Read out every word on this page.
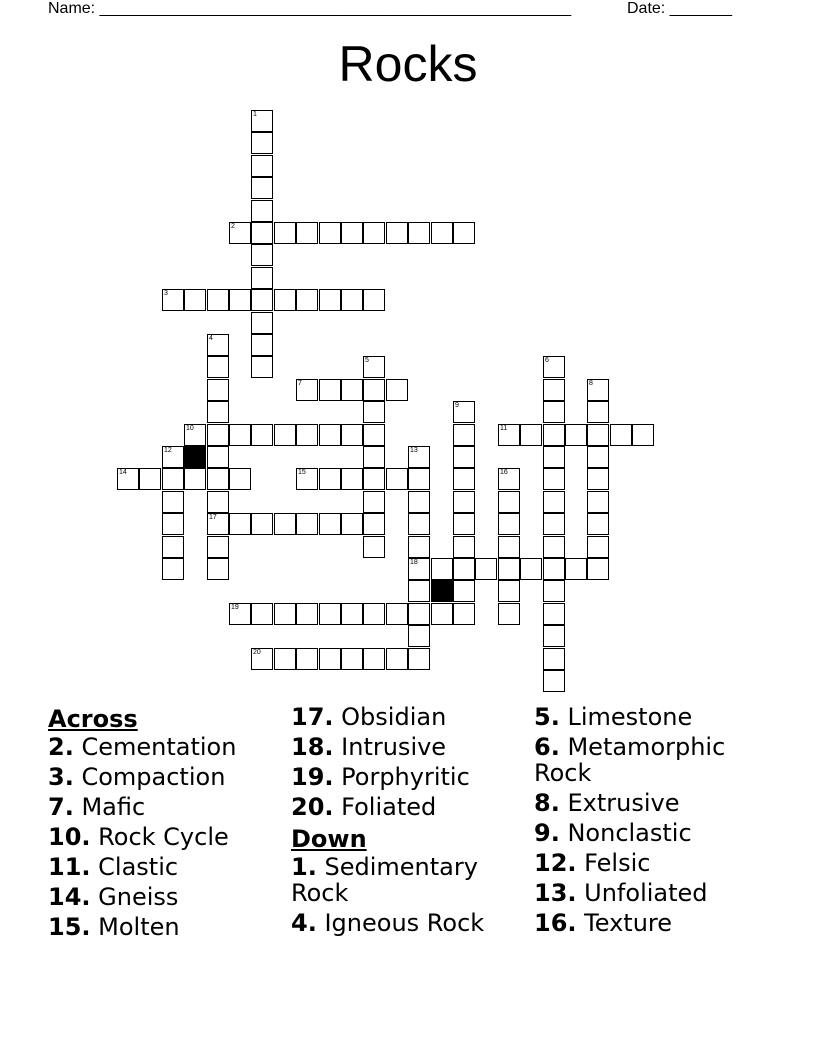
Name: _____________________________________________________	Date: _______
Rocks
1
2
3
4
17
5	6
7	8
9
10	11
12	13
18
14	15	16
19
20
Across
2. Cementation
3. Compaction
7. Mafic
10. Rock Cycle
11. Clastic
14. Gneiss
15. Molten
17. Obsidian
18. Intrusive
19. Porphyritic
20. Foliated
Down
1. Sedimentary Rock
4. Igneous Rock
5. Limestone
6. Metamorphic Rock
8. Extrusive
9. Nonclastic
12. Felsic
13. Unfoliated
16. Texture
